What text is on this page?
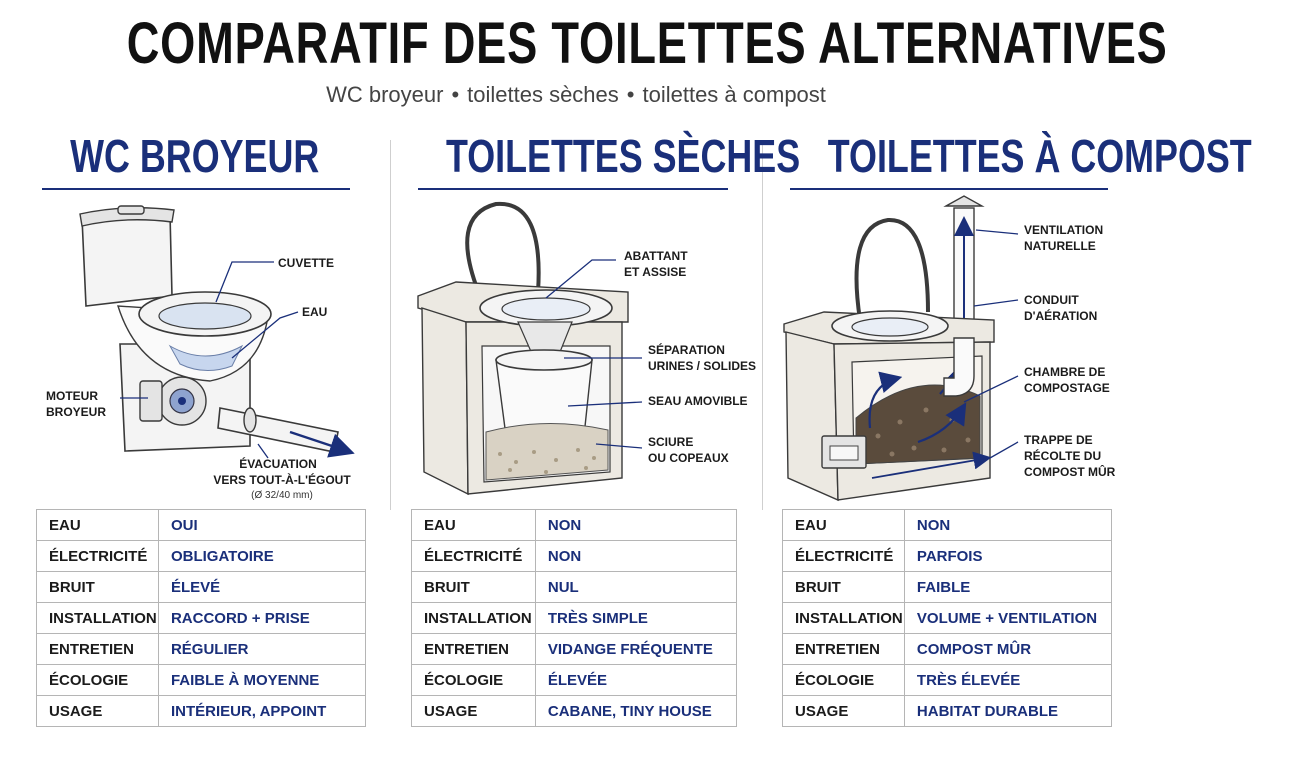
COMPARATIF DES TOILETTES ALTERNATIVES
WC broyeur • toilettes sèches • toilettes à compost
WC BROYEUR	TOILETTES SÈCHES TOILETTES À COMPOST
CUVETTE
EAU
MOTEUR
BROYEUR
ÉVACUATION
VERS TOUT-À-L'ÉGOUT
(Ø 32/40 mm)
ABATTANT
ET ASSISE
SÉPARATION
URINES / SOLIDES
SEAU AMOVIBLE
SCIURE
OU COPEAUX
VENTILATION
NATURELLE
CONDUIT
D'AÉRATION
CHAMBRE DE
COMPOSTAGE
TRAPPE DE
RÉCOLTE DU
COMPOST MÛR
EAU	OUI
ÉLECTRICITÉ	OBLIGATOIRE
BRUIT	ÉLEVÉ
INSTALLATION	RACCORD + PRISE
ENTRETIEN	RÉGULIER
ÉCOLOGIE	FAIBLE À MOYENNE
USAGE	INTÉRIEUR, APPOINT
EAU	NON
ÉLECTRICITÉ	NON
BRUIT	NUL
INSTALLATION	TRÈS SIMPLE
ENTRETIEN	VIDANGE FRÉQUENTE
ÉCOLOGIE	ÉLEVÉE
USAGE	CABANE, TINY HOUSE
EAU	NON
ÉLECTRICITÉ	PARFOIS
BRUIT	FAIBLE
INSTALLATION	VOLUME + VENTILATION
ENTRETIEN	COMPOST MÛR
ÉCOLOGIE	TRÈS ÉLEVÉE
USAGE	HABITAT DURABLE
